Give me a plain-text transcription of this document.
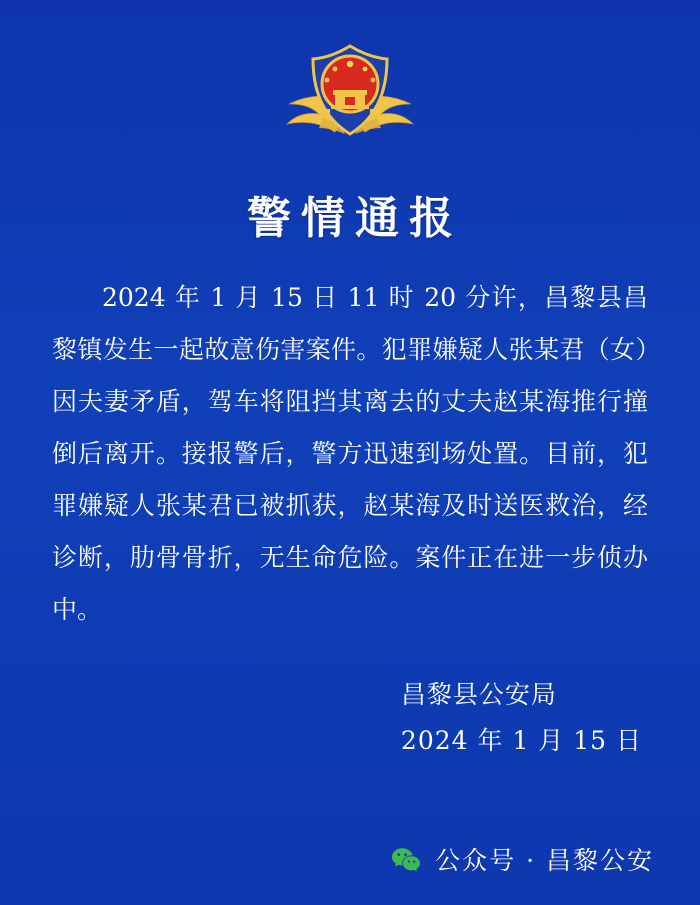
警情通报
2024 年 1 月 15 日 11 时 20 分许，昌黎县昌黎镇发生一起故意伤害案件。犯罪嫌疑人张某君（女）因夫妻矛盾，驾车将阻挡其离去的丈夫赵某海推行撞倒后离开。接报警后，警方迅速到场处置。目前，犯罪嫌疑人张某君已被抓获，赵某海及时送医救治，经诊断，肋骨骨折，无生命危险。案件正在进一步侦办中。
昌黎县公安局
2024 年 1 月 15 日
公众号 · 昌黎公安
